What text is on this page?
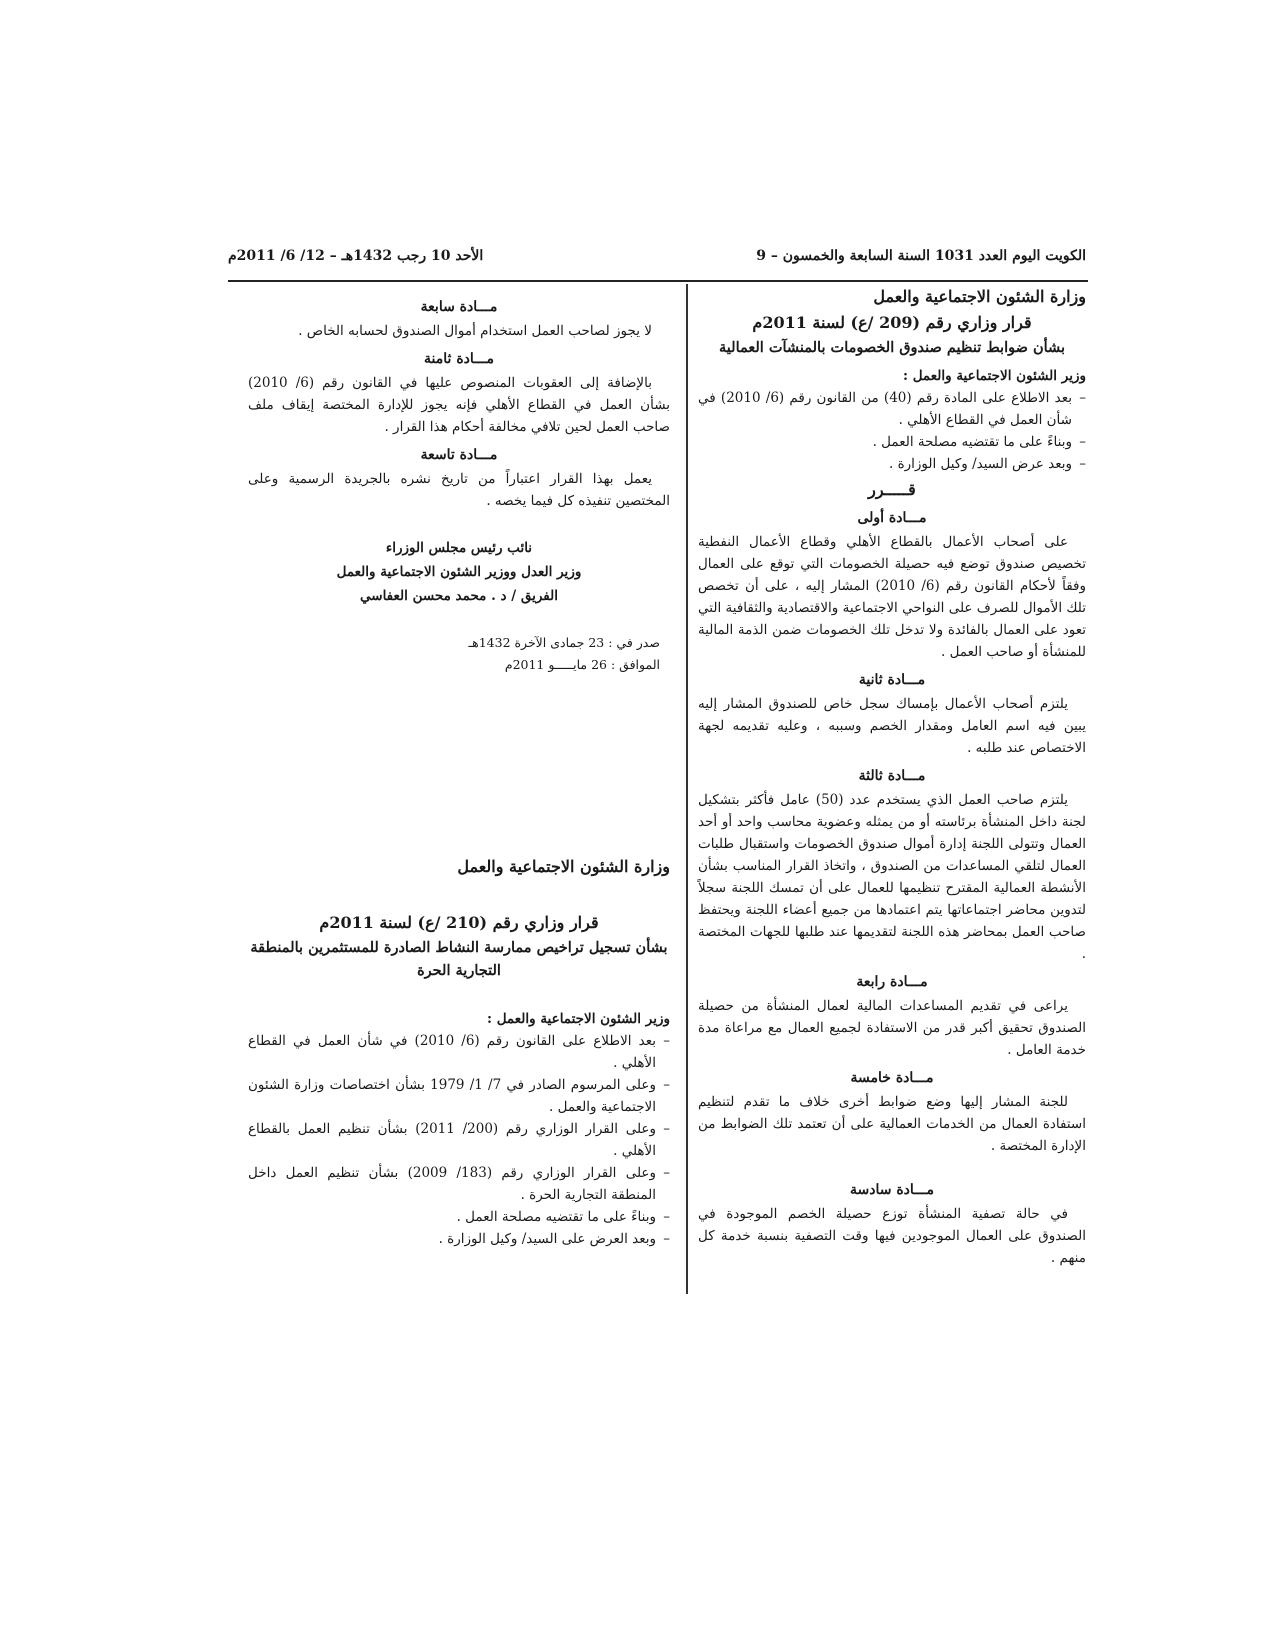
الكويت اليوم العدد 1031 السنة السابعة والخمسون – 9
الأحد 10 رجب 1432هـ – 12/ 6/ 2011م
وزارة الشئون الاجتماعية والعمل
قرار وزاري رقم (209 /ع) لسنة 2011م
بشأن ضوابط تنظيم صندوق الخصومات بالمنشآت العمالية
وزير الشئون الاجتماعية والعمل :
– بعد الاطلاع على المادة رقم (40) من القانون رقم (6/ 2010) في شأن العمل في القطاع الأهلي .
– وبناءً على ما تقتضيه مصلحة العمل .
– وبعد عرض السيد/ وكيل الوزارة .
قـــــرر
مـــادة أولى

على أصحاب الأعمال بالقطاع الأهلي وقطاع الأعمال النفطية تخصيص صندوق توضع فيه حصيلة الخصومات التي توقع على العمال وفقاً لأحكام القانون رقم (6/ 2010) المشار إليه ، على أن تخصص تلك الأموال للصرف على النواحي الاجتماعية والاقتصادية والثقافية التي تعود على العمال بالفائدة ولا تدخل تلك الخصومات ضمن الذمة المالية للمنشأة أو صاحب العمل .

مـــادة ثانية

يلتزم أصحاب الأعمال بإمساك سجل خاص للصندوق المشار إليه يبين فيه اسم العامل ومقدار الخصم وسببه ، وعليه تقديمه لجهة الاختصاص عند طلبه .

مـــادة ثالثة

يلتزم صاحب العمل الذي يستخدم عدد (50) عامل فأكثر بتشكيل لجنة داخل المنشأة برئاسته أو من يمثله وعضوية محاسب واحد أو أحد العمال وتتولى اللجنة إدارة أموال صندوق الخصومات واستقبال طلبات العمال لتلقي المساعدات من الصندوق ، واتخاذ القرار المناسب بشأن الأنشطة العمالية المقترح تنظيمها للعمال على أن تمسك اللجنة سجلاً لتدوين محاضر اجتماعاتها يتم اعتمادها من جميع أعضاء اللجنة ويحتفظ صاحب العمل بمحاضر هذه اللجنة لتقديمها عند طلبها للجهات المختصة .

مـــادة رابعة

يراعى في تقديم المساعدات المالية لعمال المنشأة من حصيلة الصندوق تحقيق أكبر قدر من الاستفادة لجميع العمال مع مراعاة مدة خدمة العامل .

مـــادة خامسة

للجنة المشار إليها وضع ضوابط أخرى خلاف ما تقدم لتنظيم استفادة العمال من الخدمات العمالية على أن تعتمد تلك الضوابط من الإدارة المختصة .

مـــادة سادسة

في حالة تصفية المنشأة توزع حصيلة الخصم الموجودة في الصندوق على العمال الموجودين فيها وقت التصفية بنسبة خدمة كل منهم .

مـــادة سابعة

لا يجوز لصاحب العمل استخدام أموال الصندوق لحسابه الخاص .

مـــادة ثامنة

بالإضافة إلى العقوبات المنصوص عليها في القانون رقم (6/ 2010) بشأن العمل في القطاع الأهلي فإنه يجوز للإدارة المختصة إيقاف ملف صاحب العمل لحين تلافي مخالفة أحكام هذا القرار .

مـــادة تاسعة

يعمل بهذا القرار اعتباراً من تاريخ نشره بالجريدة الرسمية وعلى المختصين تنفيذه كل فيما يخصه .

نائب رئيس مجلس الوزراء
وزير العدل ووزير الشئون الاجتماعية والعمل
الفريق / د . محمد محسن العفاسي
صدر في : 23 جمادى الآخرة 1432هـ
الموافق : 26 مايـــــو 2011م
وزارة الشئون الاجتماعية والعمل
قرار وزاري رقم (210 /ع) لسنة 2011م
بشأن تسجيل تراخيص ممارسة النشاط الصادرة للمستثمرين بالمنطقة التجارية الحرة
وزير الشئون الاجتماعية والعمل :
– بعد الاطلاع على القانون رقم (6/ 2010) في شأن العمل في القطاع الأهلي .
– وعلى المرسوم الصادر في 7/ 1/ 1979 بشأن اختصاصات وزارة الشئون الاجتماعية والعمل .
– وعلى القرار الوزاري رقم (200/ 2011) بشأن تنظيم العمل بالقطاع الأهلي .
– وعلى القرار الوزاري رقم (183/ 2009) بشأن تنظيم العمل داخل المنطقة التجارية الحرة .
– وبناءً على ما تقتضيه مصلحة العمل .
– وبعد العرض على السيد/ وكيل الوزارة .
